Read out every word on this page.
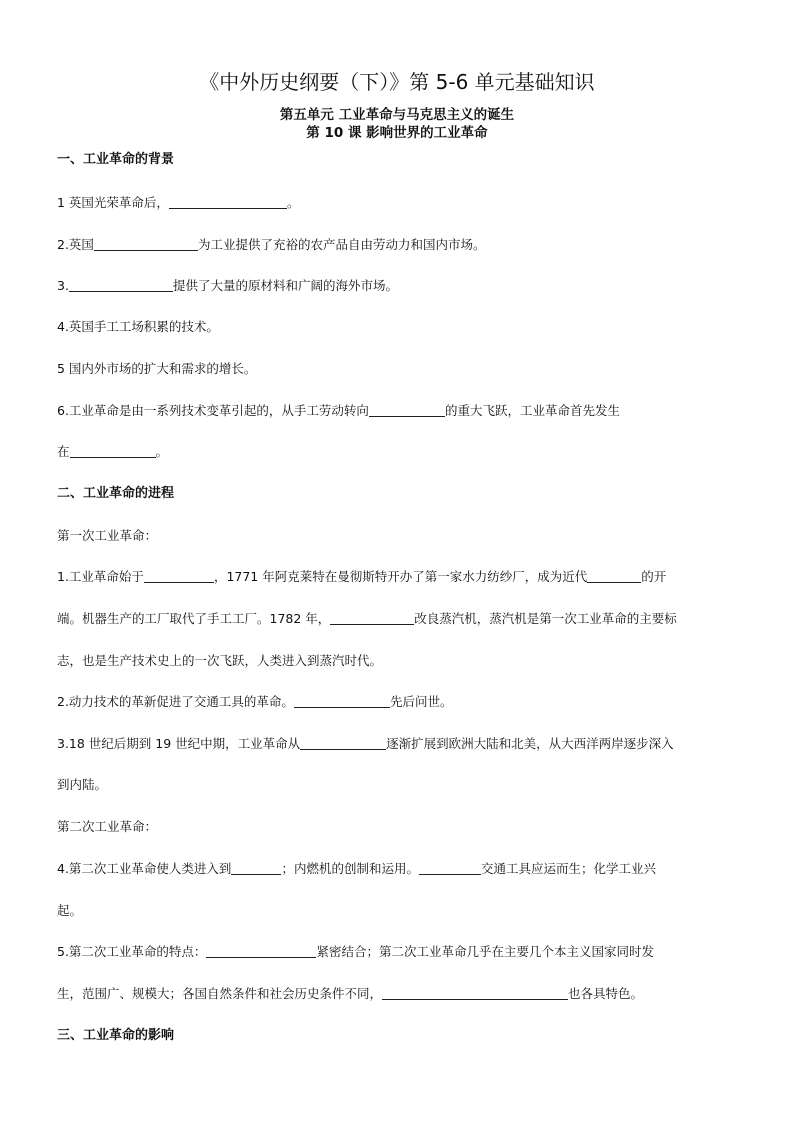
《中外历史纲要（下）》第 5-6 单元基础知识
第五单元 工业革命与马克思主义的诞生
第 10 课 影响世界的工业革命
一、工业革命的背景
1 英国光荣革命后，	。
2.英国	为工业提供了充裕的农产品自由劳动力和国内市场。
3.	提供了大量的原材料和广阔的海外市场。
4.英国手工工场积累的技术。
5 国内外市场的扩大和需求的增长。
6.工业革命是由一系列技术变革引起的，从手工劳动转向	的重大飞跃，工业革命首先发生
在	。
二、工业革命的进程
第一次工业革命：
1.工业革命始于	，1771 年阿克莱特在曼彻斯特开办了第一家水力纺纱厂，成为近代	的开
端。机器生产的工厂取代了手工工厂。1782 年，	改良蒸汽机，蒸汽机是第一次工业革命的主要标
志，也是生产技术史上的一次飞跃，人类进入到蒸汽时代。
2.动力技术的革新促进了交通工具的革命。	先后问世。
3.18 世纪后期到 19 世纪中期，工业革命从	逐渐扩展到欧洲大陆和北美，从大西洋两岸逐步深入
到内陆。
第二次工业革命：
4.第二次工业革命使人类进入到	；内燃机的创制和运用。	交通工具应运而生；化学工业兴
起。
5.第二次工业革命的特点：	紧密结合；第二次工业革命几乎在主要几个本主义国家同时发
生，范围广、规模大；各国自然条件和社会历史条件不同，	也各具特色。
三、工业革命的影响
